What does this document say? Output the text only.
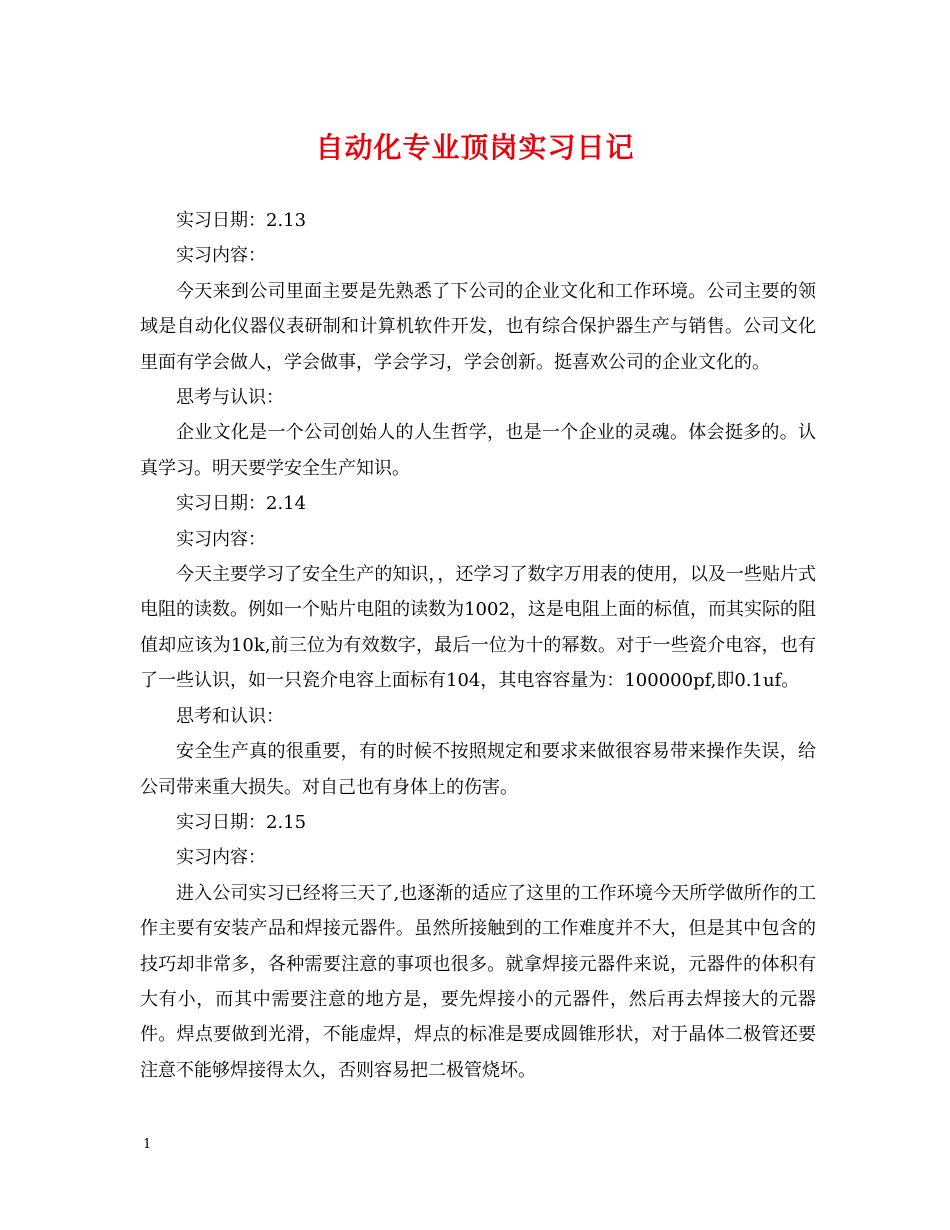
自动化专业顶岗实习日记

实习日期：2.13

实习内容：

今天来到公司里面主要是先熟悉了下公司的企业文化和工作环境。公司主要的领域是自动化仪器仪表研制和计算机软件开发，也有综合保护器生产与销售。公司文化里面有学会做人，学会做事，学会学习，学会创新。挺喜欢公司的企业文化的。

思考与认识：

企业文化是一个公司创始人的人生哲学，也是一个企业的灵魂。体会挺多的。认真学习。明天要学安全生产知识。

实习日期：2.14

实习内容：

今天主要学习了安全生产的知识，，还学习了数字万用表的使用，以及一些贴片式电阻的读数。例如一个贴片电阻的读数为1002，这是电阻上面的标值，而其实际的阻值却应该为10k,前三位为有效数字，最后一位为十的幂数。对于一些瓷介电容，也有了一些认识，如一只瓷介电容上面标有104，其电容容量为：100000pf,即0.1uf。

思考和认识：

安全生产真的很重要，有的时候不按照规定和要求来做很容易带来操作失误，给公司带来重大损失。对自己也有身体上的伤害。

实习日期：2.15

实习内容：

进入公司实习已经将三天了,也逐渐的适应了这里的工作环境今天所学做所作的工作主要有安装产品和焊接元器件。虽然所接触到的工作难度并不大，但是其中包含的技巧却非常多，各种需要注意的事项也很多。就拿焊接元器件来说，元器件的体积有大有小，而其中需要注意的地方是，要先焊接小的元器件，然后再去焊接大的元器件。焊点要做到光滑，不能虚焊，焊点的标准是要成圆锥形状，对于晶体二极管还要注意不能够焊接得太久，否则容易把二极管烧坏。

1
